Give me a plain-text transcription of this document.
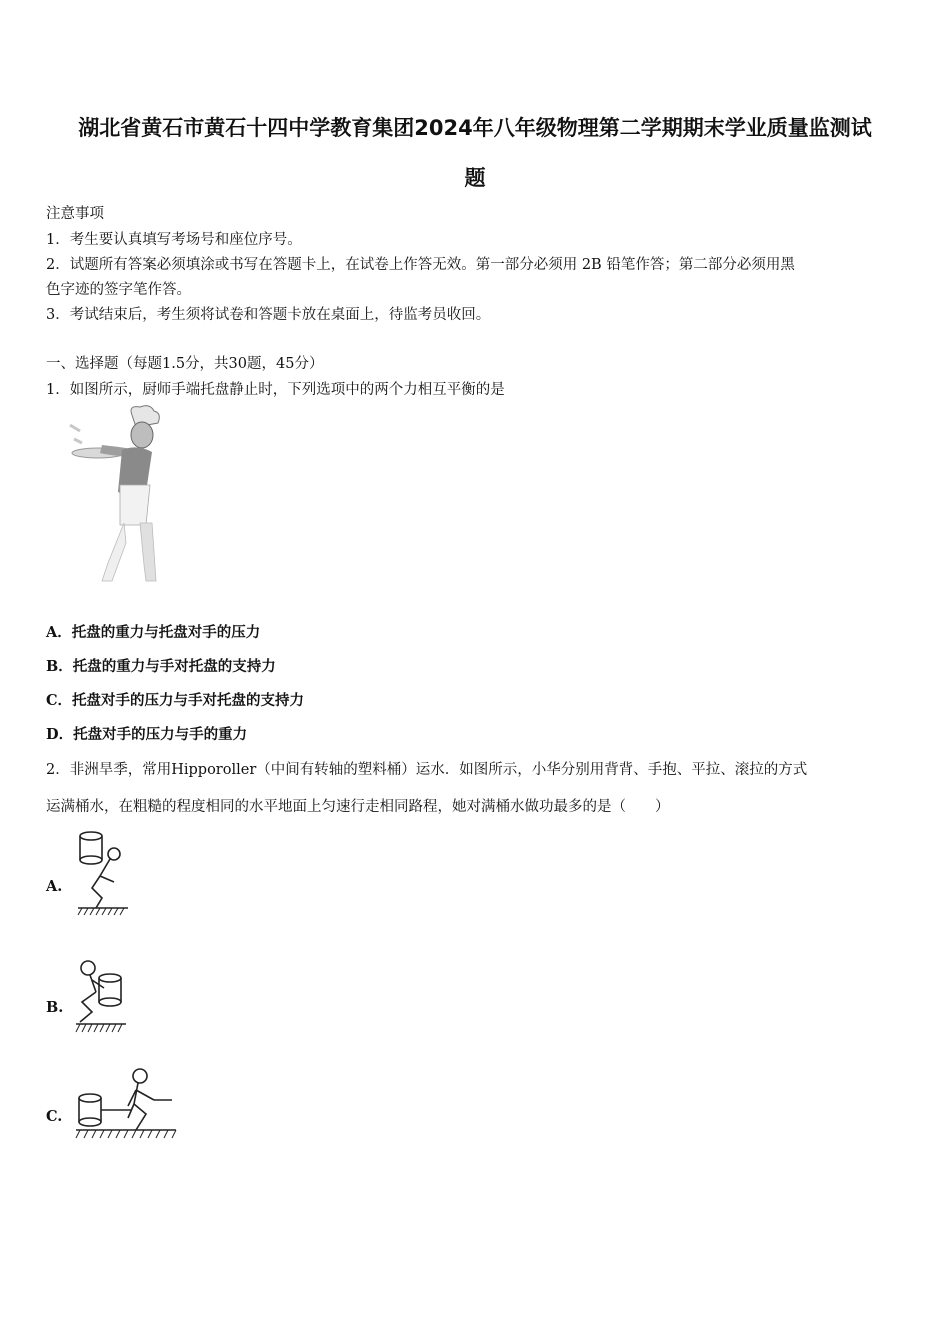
湖北省黄石市黄石十四中学教育集团2024年八年级物理第二学期期末学业质量监测试
题
注意事项
1．考生要认真填写考场号和座位序号。
2．试题所有答案必须填涂或书写在答题卡上，在试卷上作答无效。第一部分必须用 2B 铅笔作答；第二部分必须用黑
色字迹的签字笔作答。
3．考试结束后，考生须将试卷和答题卡放在桌面上，待监考员收回。
一、选择题（每题1.5分，共30题，45分）
1．如图所示，厨师手端托盘静止时，下列选项中的两个力相互平衡的是
A．托盘的重力与托盘对手的压力
B．托盘的重力与手对托盘的支持力
C．托盘对手的压力与手对托盘的支持力
D．托盘对手的压力与手的重力
2．非洲旱季，常用Hipporoller（中间有转轴的塑料桶）运水．如图所示，小华分别用背背、手抱、平拉、滚拉的方式
运满桶水，在粗糙的程度相同的水平地面上匀速行走相同路程，她对满桶水做功最多的是（　　）
A.
B.
C.
